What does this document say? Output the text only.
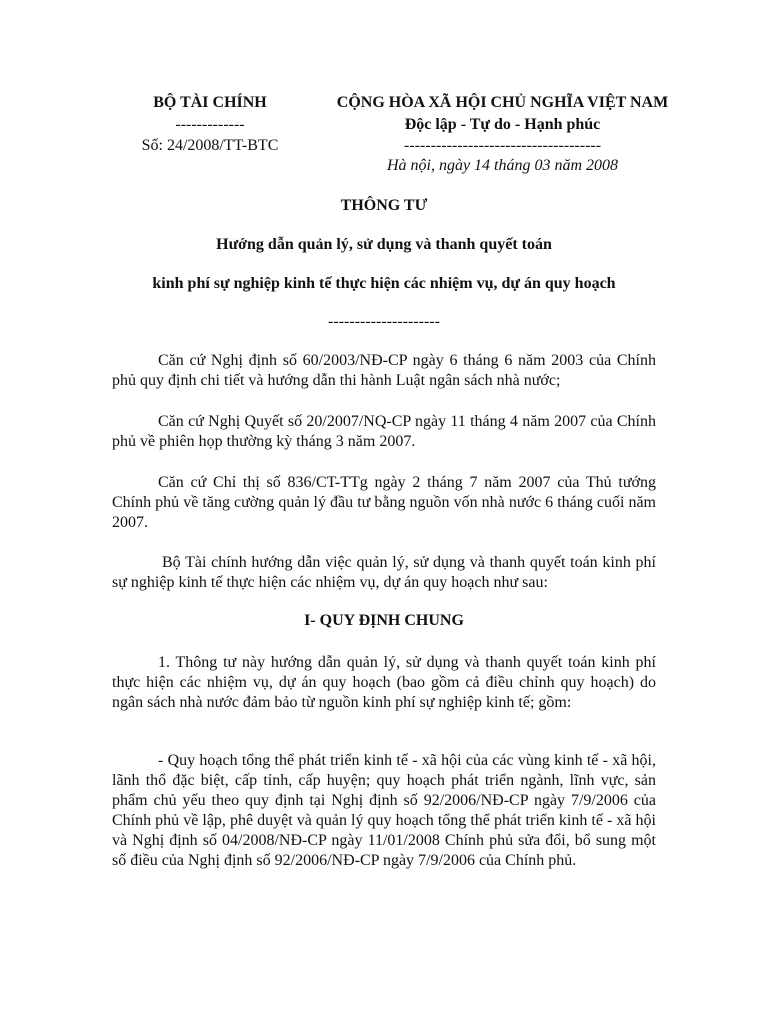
BỘ TÀI CHÍNH
-------------
Số: 24/2008/TT-BTC
CỘNG HÒA XÃ HỘI CHỦ NGHĨA VIỆT NAM
Độc lập - Tự do - Hạnh phúc
-------------------------------------
Hà nội, ngày 14 tháng 03 năm 2008
THÔNG TƯ
Hướng dẫn quản lý, sử dụng và thanh quyết toán
kinh phí sự nghiệp kinh tế thực hiện các nhiệm vụ, dự án quy hoạch
---------------------
Căn cứ Nghị định số 60/2003/NĐ-CP ngày 6 tháng 6 năm 2003 của Chính phủ quy định chi tiết và hướng dẫn thi hành Luật ngân sách nhà nước;
Căn cứ Nghị Quyết số 20/2007/NQ-CP ngày 11 tháng 4 năm 2007 của Chính phủ về phiên họp thường kỳ tháng 3 năm 2007.
Căn cứ Chỉ thị số 836/CT-TTg ngày 2 tháng 7 năm 2007 của Thủ tướng Chính phủ về tăng cường quản lý đầu tư bằng nguồn vốn nhà nước 6 tháng cuối năm 2007.
Bộ Tài chính hướng dẫn việc quản lý, sử dụng và thanh quyết toán kinh phí sự nghiệp kinh tế thực hiện các nhiệm vụ, dự án quy hoạch như sau:
I- QUY ĐỊNH CHUNG
1. Thông tư này hướng dẫn quản lý, sử dụng và thanh quyết toán kinh phí thực hiện các nhiệm vụ, dự án quy hoạch (bao gồm cả điều chỉnh quy hoạch) do ngân sách nhà nước đảm bảo từ nguồn kinh phí sự nghiệp kinh tế; gồm:
- Quy hoạch tổng thể phát triển kinh tế - xã hội của các vùng kinh tế - xã hội, lãnh thổ đặc biệt, cấp tỉnh, cấp huyện; quy hoạch phát triển ngành, lĩnh vực, sản phẩm chủ yếu theo quy định tại Nghị định số 92/2006/NĐ-CP ngày 7/9/2006 của Chính phủ về lập, phê duyệt và quản lý quy hoạch tổng thể phát triển kinh tế - xã hội và Nghị định số 04/2008/NĐ-CP ngày 11/01/2008 Chính phủ sửa đổi, bổ sung một số điều của Nghị định số 92/2006/NĐ-CP ngày 7/9/2006 của Chính phủ.
